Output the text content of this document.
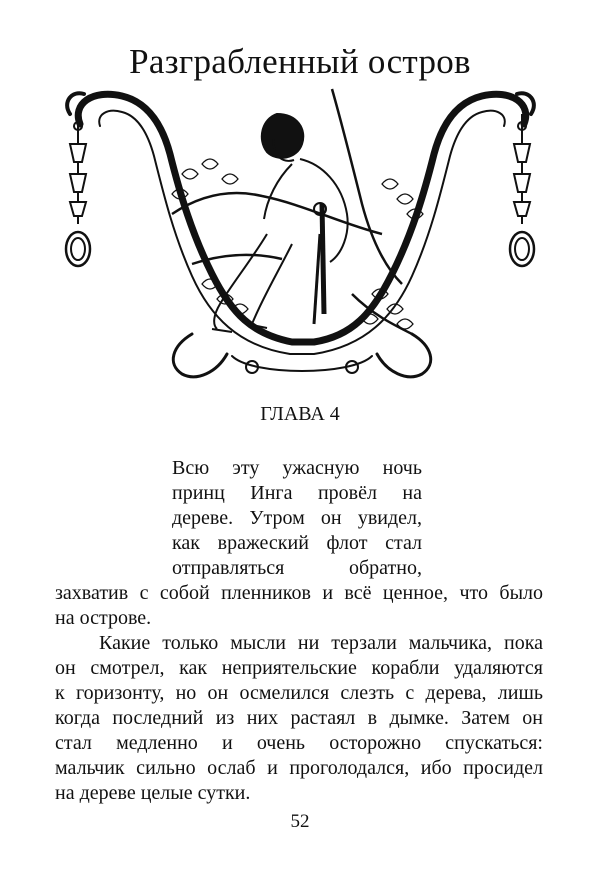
Разграбленный остров
ГЛАВА 4
Всю эту ужасную ночь
принц Инга провёл на
дереве. Утром он увидел,
как вражеский флот стал
отправляться обратно,
захватив с собой пленников и всё ценное, что было
на острове.
Какие только мысли ни терзали мальчика, пока
он смотрел, как неприятельские корабли удаляются
к горизонту, но он осмелился слезть с дерева, лишь
когда последний из них растаял в дымке. Затем он
стал медленно и очень осторожно спускаться:
мальчик сильно ослаб и проголодался, ибо просидел
на дереве целые сутки.
52
